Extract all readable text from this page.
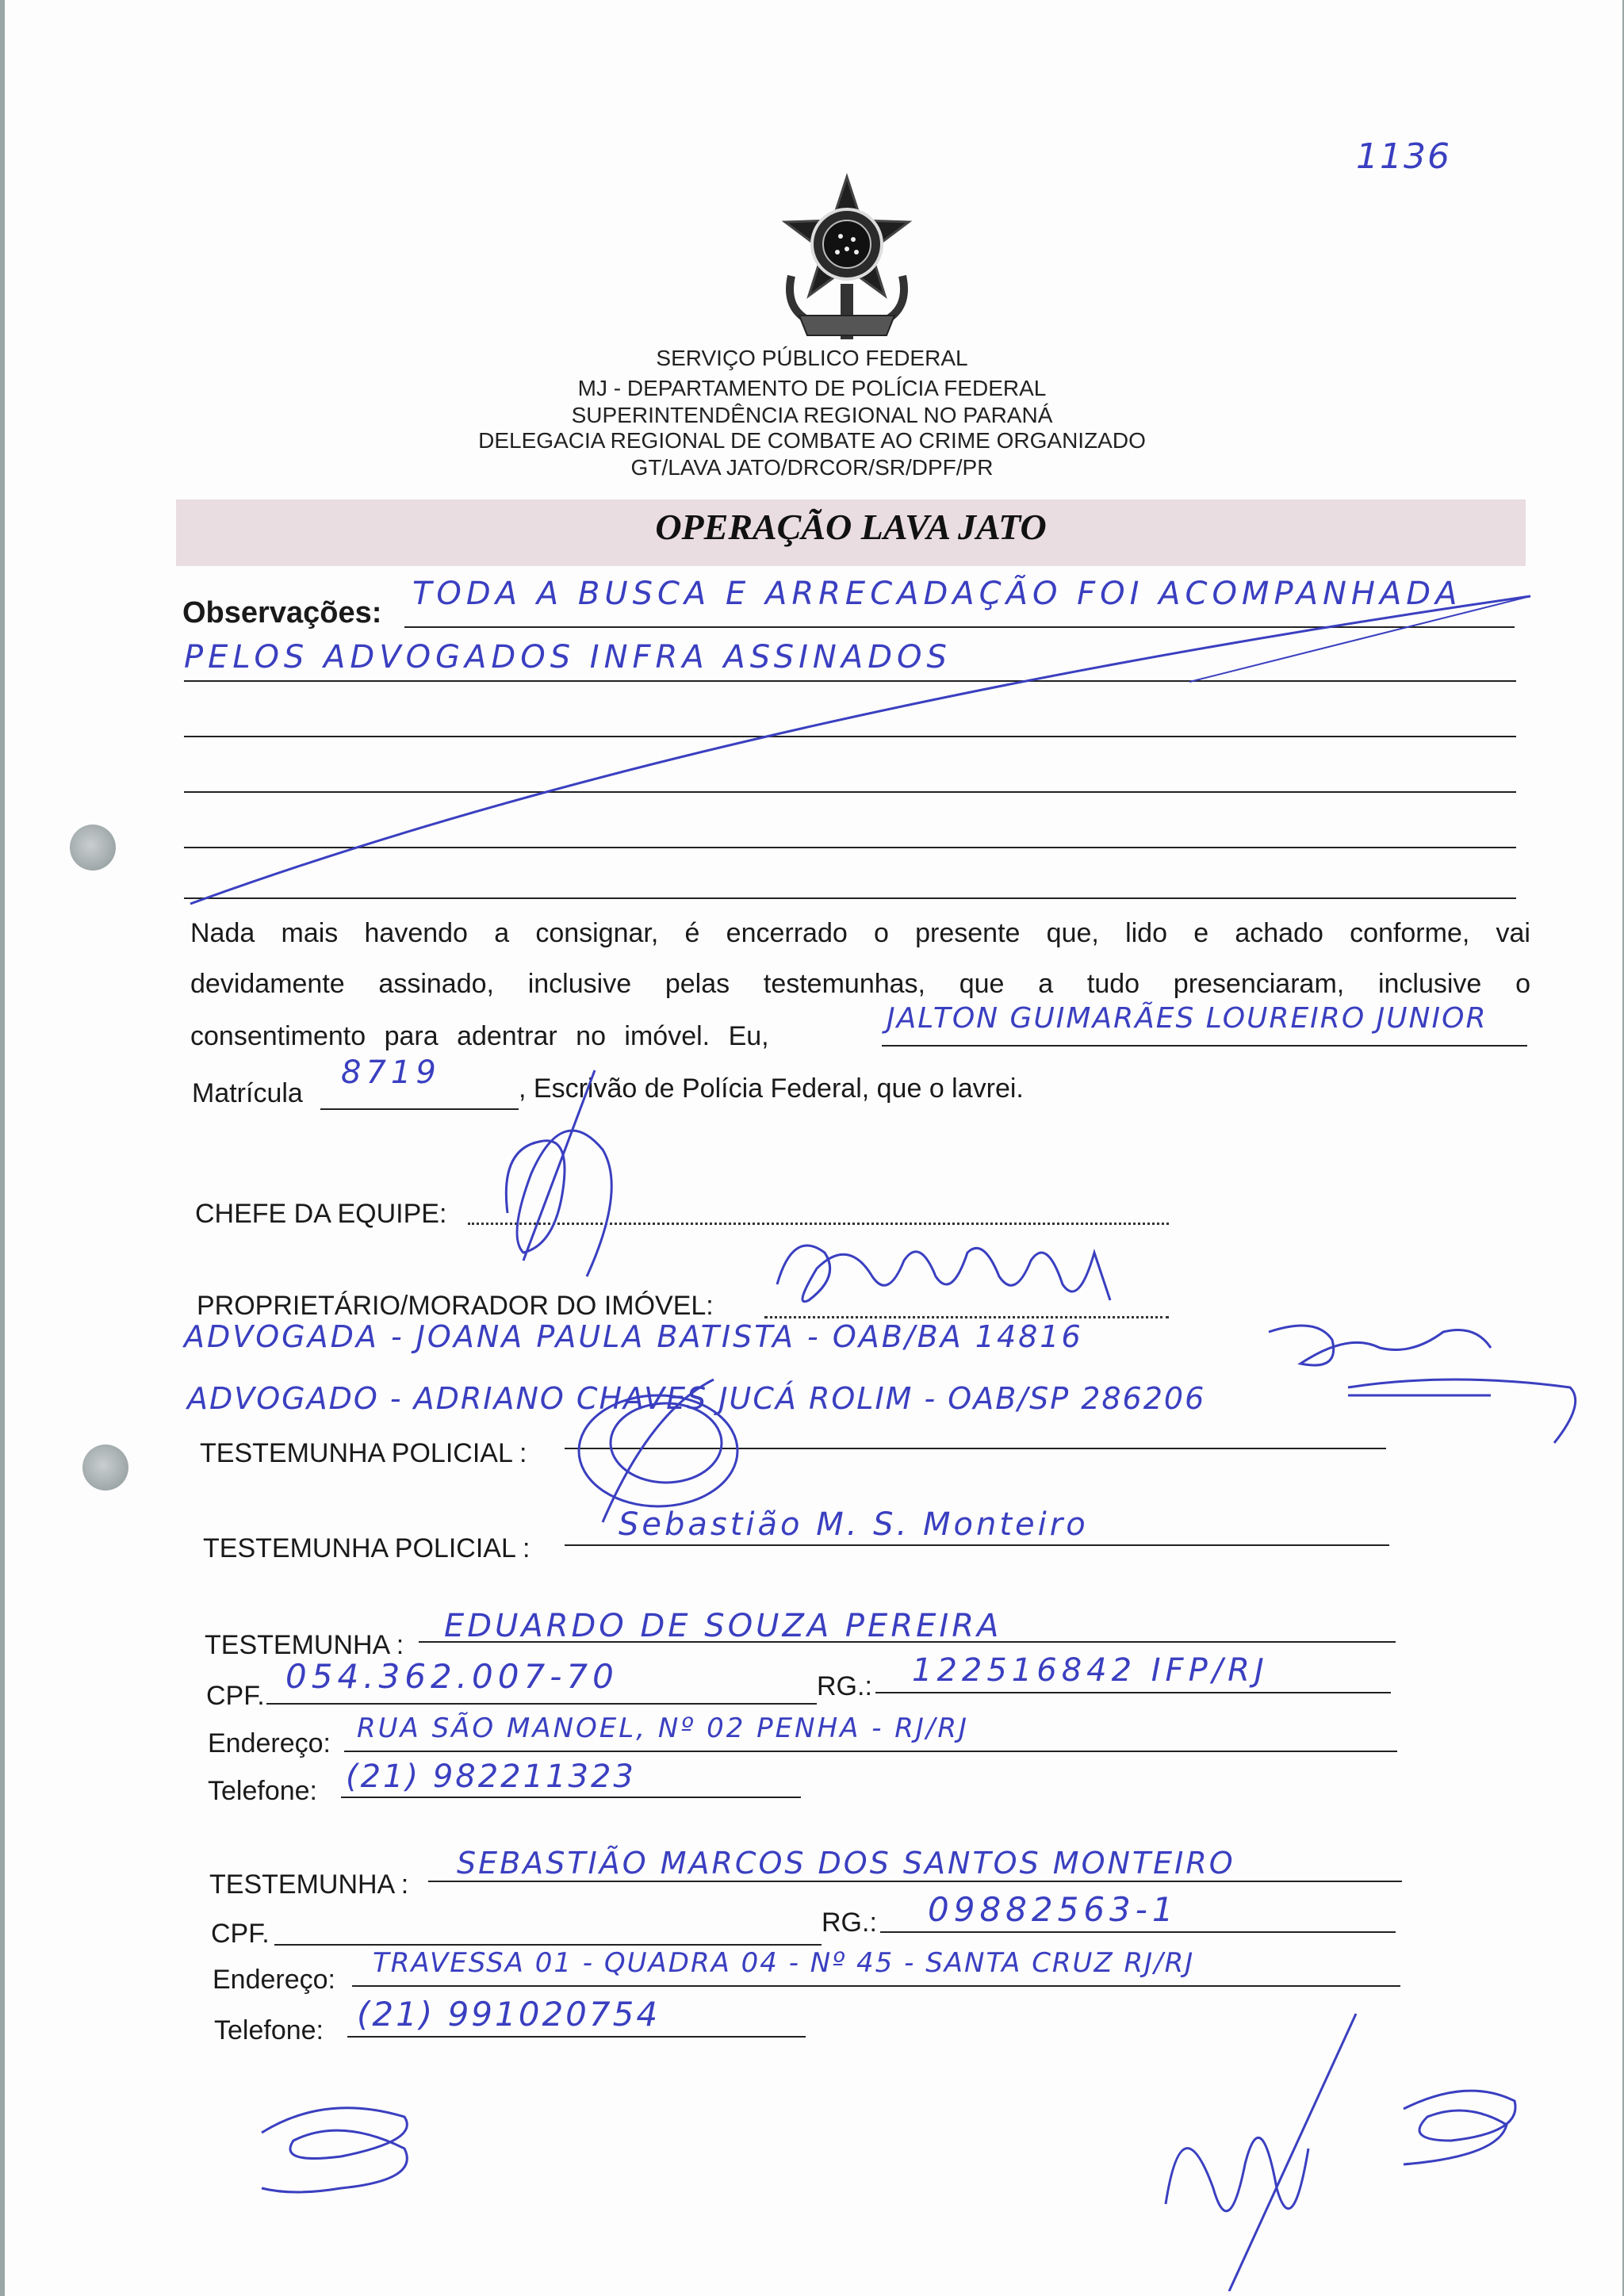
1136
SERVIÇO PÚBLICO FEDERAL
MJ - DEPARTAMENTO DE POLÍCIA FEDERAL
SUPERINTENDÊNCIA REGIONAL NO PARANÁ
DELEGACIA REGIONAL DE COMBATE AO CRIME ORGANIZADO
GT/LAVA JATO/DRCOR/SR/DPF/PR
OPERAÇÃO LAVA JATO
Observações:
TODA A BUSCA E ARRECADAÇÃO FOI ACOMPANHADA
PELOS ADVOGADOS INFRA ASSINADOS
Nada mais havendo a consignar, é encerrado o presente que, lido e achado conforme, vai
devidamente assinado, inclusive pelas testemunhas, que a tudo presenciaram, inclusive o
consentimento para adentrar no imóvel. Eu,
JALTON GUIMARÃES LOUREIRO JUNIOR
Matrícula
8719	, Escrivão de Polícia Federal, que o lavrei.
CHEFE DA EQUIPE:
PROPRIETÁRIO/MORADOR DO IMÓVEL:
ADVOGADA - JOANA PAULA BATISTA - OAB/BA 14816
ADVOGADO - ADRIANO CHAVES JUCÁ ROLIM - OAB/SP 286206
TESTEMUNHA POLICIAL :
TESTEMUNHA POLICIAL :
Sebastião M. S. Monteiro
TESTEMUNHA :
EDUARDO DE SOUZA PEREIRA
CPF. 054.362.007-70	RG.: 122516842 IFP/RJ
Endereço: RUA SÃO MANOEL, Nº 02 PENHA - RJ/RJ
Telefone: (21) 982211323
TESTEMUNHA :
SEBASTIÃO MARCOS DOS SANTOS MONTEIRO
CPF.	RG.: 09882563-1
Endereço:
TRAVESSA 01 - QUADRA 04 - Nº 45 - SANTA CRUZ RJ/RJ
Telefone: (21) 991020754
